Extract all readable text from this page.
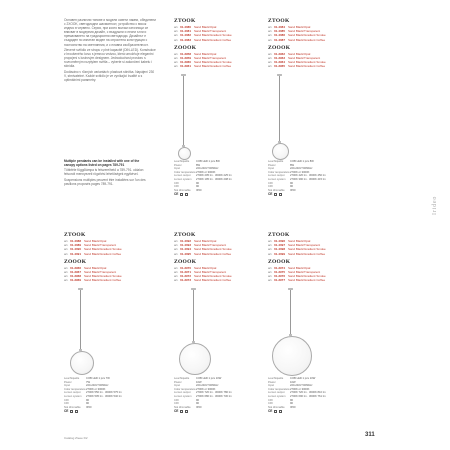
Основен различни типове и модели освети лампи, обединени с 2XOOK, светодиодни шахматност, устройство с висок индекс в червено. Серия, при която всички източници се вписват в модерния дизайн, с въздушни и лесни ъгли и премахването на традиционни светодиоди. Дизайнът е създаден по изпитан модел на опростена конструкция с постоянство на светлинния, и с плавна изобразителност.

Zlevené svítidlo ze stropu v plné kapacitě (DIN-LED). Konstrukce z broušeného kovu s jemnou vrstvou, která umožňuje elegantní propojení s lustrovým designem. Jednoduchost prostoru s rovnoměrným rozptylem světla – vyberte si zakončení kabelu i stínidla.

Dodáváno v různých variantách: plastová stínítka. Napájení 230 V, stmívatelné. Každé svítidlo je ve vynikající kvalitě a s optimálními parametry.

Multiple pendants can be installed with one of the canopy options listed on pages 789-791

Többféle függőlámpa is felszerelhető a 789-791. oldalon felsorolt mennyezeti rögzítési lehetőségek egyikével.

Suspensions multiples peuvent être installées sur l'un des pavillons proposés pages 789-791.

ZTOOK
art. 01-4080 Sand Black/Opal
art. 01-4081 Sand Black/Transparent
art. 01-4082 Sand Black/Gradient Smoke
art. 01-4083 Sand Black/Gradient Coffee
ZOOOK
art. 01-3958 Sand Black/Opal
art. 01-3959 Sand Black/Transparent
art. 01-3960 Sand Black/Gradient Smoke
art. 01-3961 Sand Black/Gradient Coffee
ZTOOK
art. 01-4084 Sand Black/Opal
art. 01-4085 Sand Black/Transparent
art. 01-4086 Sand Black/Gradient Smoke
art. 01-4087 Sand Black/Gradient Coffee
ZOOOK
art. 01-3962 Sand Black/Opal
art. 01-3963 Sand Black/Transparent
art. 01-3964 Sand Black/Gradient Smoke
art. 01-3965 Sand Black/Gradient Coffee
Leuchtquelle	COB LED 1 pcs 8W
Power	8W
Input	220-240V 50/60Hz
Color temperature 2700K or 3000K
Lumen output	2700K 205 lm · 3000K 225 lm
Lumen system	2700K 195 lm · 3000K 208 lm
CRI	90
CRI	90
Not dimmable	IP20
CE
Leuchtquelle	COB LED 1 pcs 8W
Power	8W
Input	220-240V 50/60Hz
Color temperature 2700K or 3000K
Lumen output	2700K 420 lm · 3000K 450 lm
Lumen system	2700K 390 lm · 3000K 415 lm
CRI	90
CRI	90
Not dimmable	IP20
CE
Irideo
ZTOOK
art. 01-4088 Sand Black/Opal
art. 01-4089 Sand Black/Transparent
art. 01-4090 Sand Black/Gradient Smoke
art. 01-4091 Sand Black/Gradient Coffee
ZOOOK
art. 01-3966 Sand Black/Opal
art. 01-3967 Sand Black/Transparent
art. 01-3968 Sand Black/Gradient Smoke
art. 01-3969 Sand Black/Gradient Coffee
ZTOOK
art. 01-4092 Sand Black/Opal
art. 01-4093 Sand Black/Transparent
art. 01-4094 Sand Black/Gradient Smoke
art. 01-4095 Sand Black/Gradient Coffee
ZOOOK
art. 01-3970 Sand Black/Opal
art. 01-3971 Sand Black/Transparent
art. 01-3972 Sand Black/Gradient Smoke
art. 01-3973 Sand Black/Gradient Coffee
ZTOOK
art. 01-4096 Sand Black/Opal
art. 01-4097 Sand Black/Transparent
art. 01-4098 Sand Black/Gradient Smoke
art. 01-4099 Sand Black/Gradient Coffee
ZOOOK
art. 01-3974 Sand Black/Opal
art. 01-3975 Sand Black/Transparent
art. 01-3976 Sand Black/Gradient Smoke
art. 01-3977 Sand Black/Gradient Coffee
Leuchtquelle	COB LED 1 pcs 7W
Power	7W
Input	220-240V 50/60Hz
Color temperature 2700K or 3000K
Lumen output	2700K 550 lm · 3000K 575 lm
Lumen system	2700K 505 lm · 3000K 540 lm
CRI	90
CRI	90
Not dimmable	IP20
CE
Leuchtquelle	COB LED 1 pcs 10W
Power	10W
Input	220-240V 50/60Hz
Color temperature 2700K or 3000K
Lumen output	2700K 720 lm · 3000K 780 lm
Lumen system	2700K 680 lm · 3000K 730 lm
CRI	90
CRI	90
Not dimmable	IP20
CE
Leuchtquelle	COB LED 1 pcs 10W
Power	10W
Input	220-240V 50/60Hz
Color temperature 2700K or 3000K
Lumen output	2700K 720 lm · 3000K 810 lm
Lumen system	2700K 690 lm · 3000K 761 lm
CRI	90
CRI	90
Not dimmable	IP20
CE
Catalog Zteee D2	311
